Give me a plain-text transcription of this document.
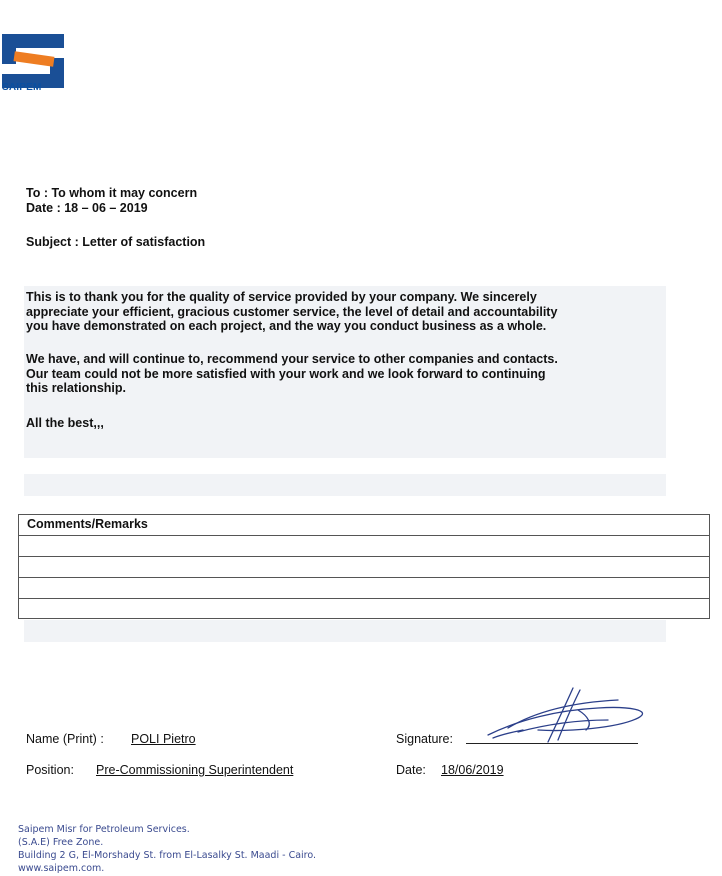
SAIPEM
To : To whom it may concern
Date : 18 – 06 – 2019
Subject : Letter of satisfaction
This is to thank you for the quality of service provided by your company. We sincerely
appreciate your efficient, gracious customer service, the level of detail and accountability
you have demonstrated on each project, and the way you conduct business as a whole.
We have, and will continue to, recommend your service to other companies and contacts.
Our team could not be more satisfied with your work and we look forward to continuing
this relationship.
All the best,,,
Comments/Remarks
Name (Print) : POLI Pietro
Position: Pre-Commissioning Superintendent
Signature:
Date: 18/06/2019
Saipem Misr for Petroleum Services.
(S.A.E) Free Zone.
Building 2 G, El-Morshady St. from El-Lasalky St. Maadi - Cairo.
www.saipem.com.
